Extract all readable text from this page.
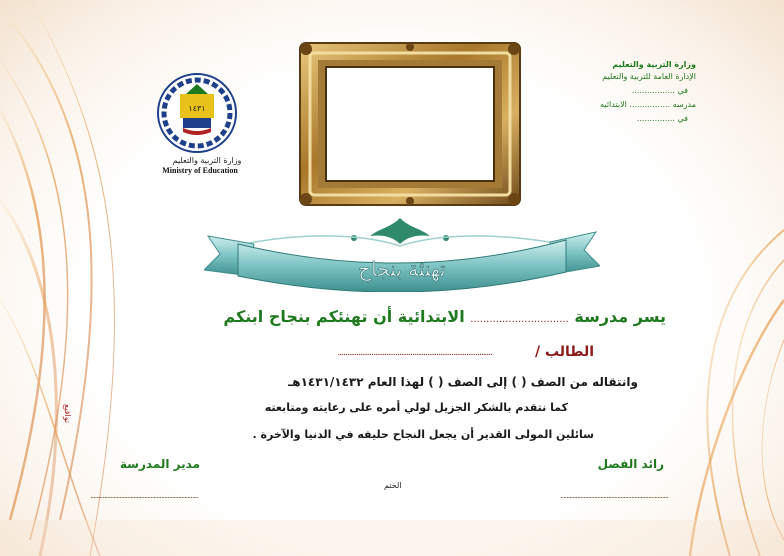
١٤٣١
وزارة التربية والتعليم
Ministry of Education
تهنئة بنجاح
وزارة التربية والتعليم
الإدارة العامة للتربية والتعليم
في .................
مدرسه ................ الابتدائيه
في ...............
يسر مدرسة ............................... الابتدائية أن تهنئكم بنجاح ابنكم
الطالب /
...................................................................................
وانتقاله من الصف ( ) إلى الصف ( ) لهذا العام ١٤٣١/١٤٣٢هـ
كما نتقدم بالشكر الجزيل لولي أمره على رعايته ومتابعته
سائلين المولى القدير أن يجعل النجاح حليفه في الدنيا والآخرة .
تواقيع
رائد الفصل
مدير المدرسة
الختم
......................................................................	......................................................................
